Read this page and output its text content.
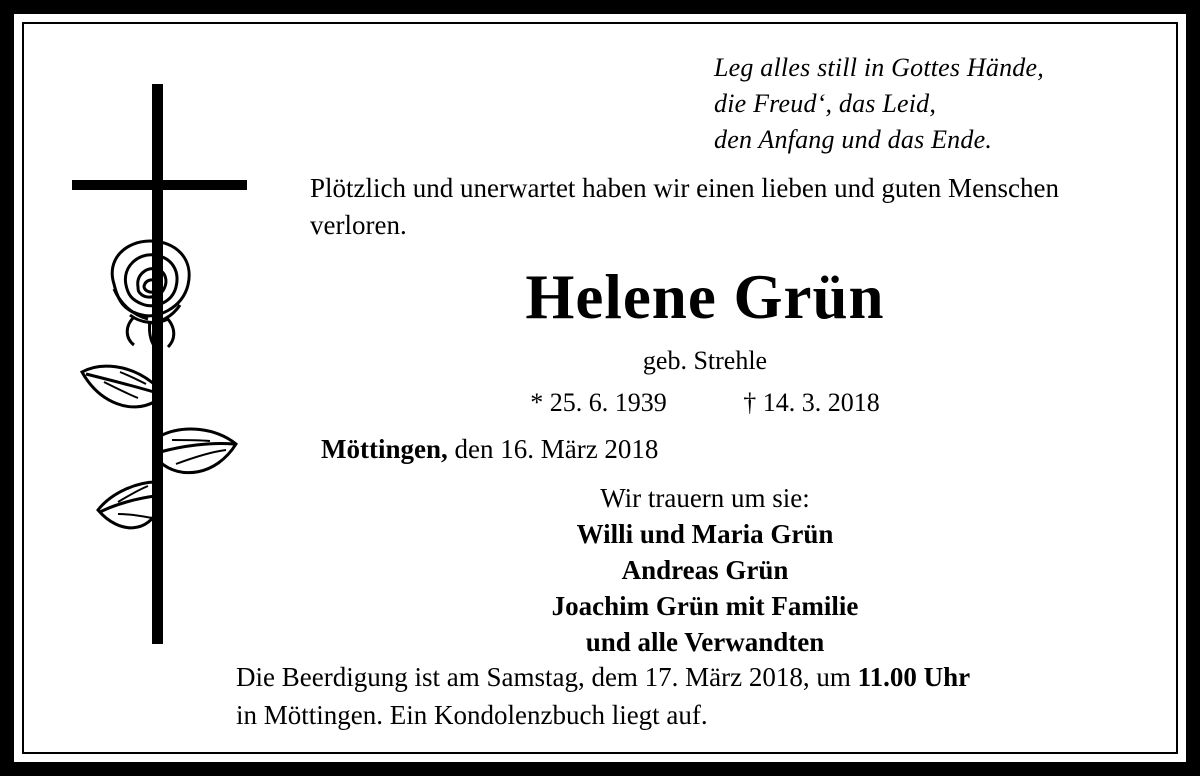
Leg alles still in Gottes Hände,
die Freud‘, das Leid,
den Anfang und das Ende.
Plötzlich und unerwartet haben wir einen lieben und guten Menschen verloren.
Helene Grün
geb. Strehle
* 25. 6. 1939	† 14. 3. 2018
Möttingen, den 16. März 2018
Wir trauern um sie:
Willi und Maria Grün
Andreas Grün
Joachim Grün mit Familie
und alle Verwandten
Die Beerdigung ist am Samstag, dem 17. März 2018, um 11.00 Uhr
in Möttingen. Ein Kondolenzbuch liegt auf.
